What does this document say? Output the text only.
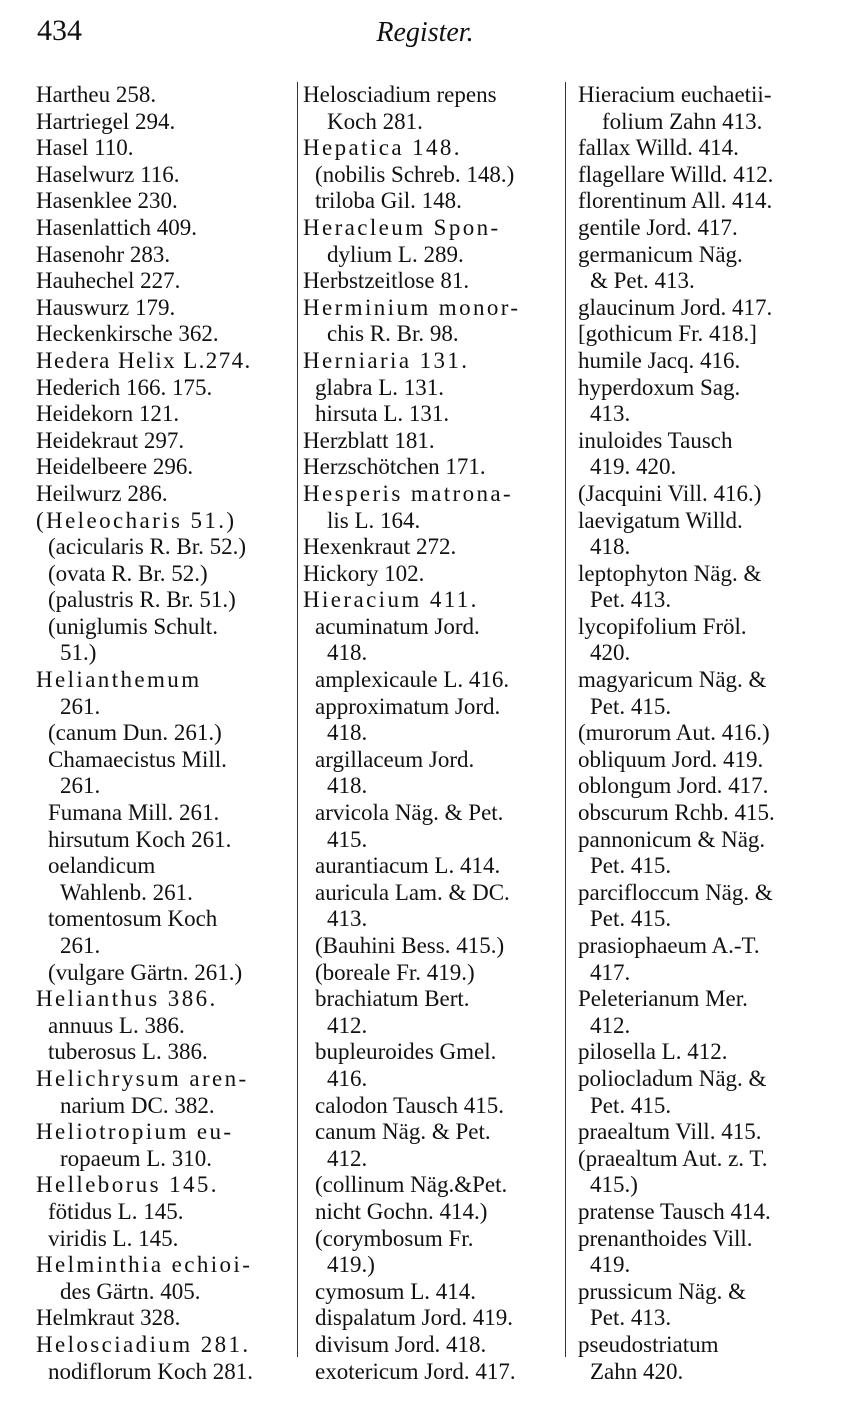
434	Register.
Hartheu 258.
Hartriegel 294.
Hasel 110.
Haselwurz 116.
Hasenklee 230.
Hasenlattich 409.
Hasenohr 283.
Hauhechel 227.
Hauswurz 179.
Heckenkirsche 362.
Hedera Helix L.274.
Hederich 166. 175.
Heidekorn 121.
Heidekraut 297.
Heidelbeere 296.
Heilwurz 286.
(Heleocharis 51.)
(acicularis R. Br. 52.)
(ovata R. Br. 52.)
(palustris R. Br. 51.)
(uniglumis Schult.
51.)
Helianthemum
261.
(canum Dun. 261.)
Chamaecistus Mill.
261.
Fumana Mill. 261.
hirsutum Koch 261.
oelandicum
Wahlenb. 261.
tomentosum Koch
261.
(vulgare Gärtn. 261.)
Helianthus 386.
annuus L. 386.
tuberosus L. 386.
Helichrysum aren-
narium DC. 382.
Heliotropium eu-
ropaeum L. 310.
Helleborus 145.
fötidus L. 145.
viridis L. 145.
Helminthia echioi-
des Gärtn. 405.
Helmkraut 328.
Helosciadium 281.
nodiflorum Koch 281.
Helosciadium repens
Koch 281.
Hepatica 148.
(nobilis Schreb. 148.)
triloba Gil. 148.
Heracleum Spon-
dylium L. 289.
Herbstzeitlose 81.
Herminium monor-
chis R. Br. 98.
Herniaria 131.
glabra L. 131.
hirsuta L. 131.
Herzblatt 181.
Herzschötchen 171.
Hesperis matrona-
lis L. 164.
Hexenkraut 272.
Hickory 102.
Hieracium 411.
acuminatum Jord.
418.
amplexicaule L. 416.
approximatum Jord.
418.
argillaceum Jord.
418.
arvicola Näg. & Pet.
415.
aurantiacum L. 414.
auricula Lam. & DC.
413.
(Bauhini Bess. 415.)
(boreale Fr. 419.)
brachiatum Bert.
412.
bupleuroides Gmel.
416.
calodon Tausch 415.
canum Näg. & Pet.
412.
(collinum Näg.&Pet.
nicht Gochn. 414.)
(corymbosum Fr.
419.)
cymosum L. 414.
dispalatum Jord. 419.
divisum Jord. 418.
exotericum Jord. 417.
Hieracium euchaetii-
folium Zahn 413.
fallax Willd. 414.
flagellare Willd. 412.
florentinum All. 414.
gentile Jord. 417.
germanicum Näg.
& Pet. 413.
glaucinum Jord. 417.
[gothicum Fr. 418.]
humile Jacq. 416.
hyperdoxum Sag.
413.
inuloides Tausch
419. 420.
(Jacquini Vill. 416.)
laevigatum Willd.
418.
leptophyton Näg. &
Pet. 413.
lycopifolium Fröl.
420.
magyaricum Näg. &
Pet. 415.
(murorum Aut. 416.)
obliquum Jord. 419.
oblongum Jord. 417.
obscurum Rchb. 415.
pannonicum & Näg.
Pet. 415.
parcifloccum Näg. &
Pet. 415.
prasiophaeum A.-T.
417.
Peleterianum Mer.
412.
pilosella L. 412.
poliocladum Näg. &
Pet. 415.
praealtum Vill. 415.
(praealtum Aut. z. T.
415.)
pratense Tausch 414.
prenanthoides Vill.
419.
prussicum Näg. &
Pet. 413.
pseudostriatum
Zahn 420.
